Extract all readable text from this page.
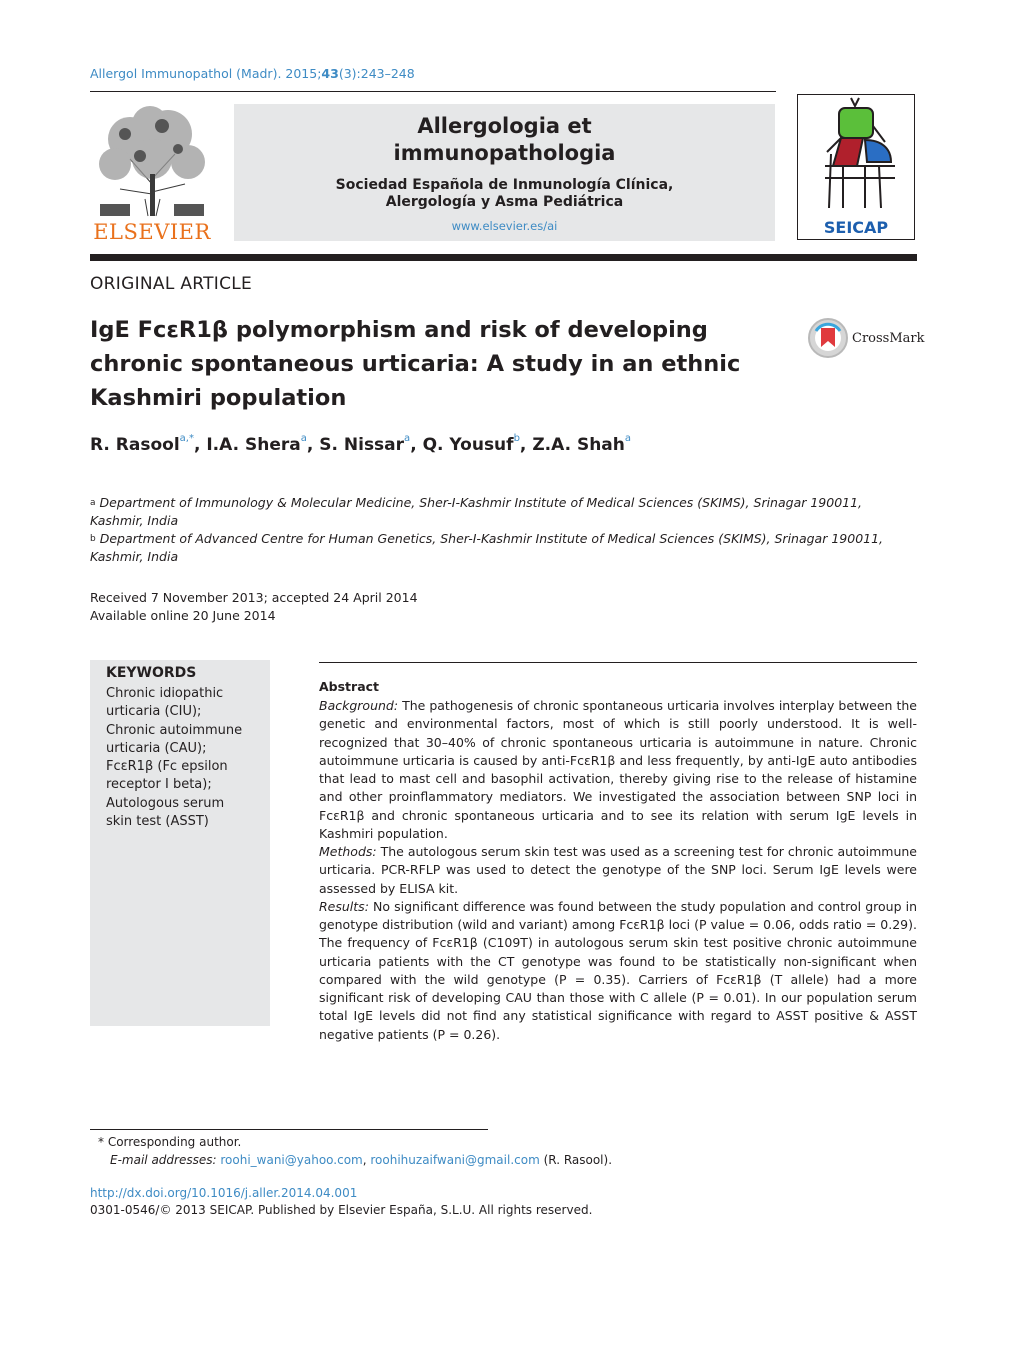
Allergol Immunopathol (Madr). 2015;43(3):243–248
ELSEVIER
Allergologia et
immunopathologia
Sociedad Española de Inmunología Clínica,
Alergología y Asma Pediátrica
www.elsevier.es/ai	SEICAP
ORIGINAL ARTICLE
IgE FcεR1β polymorphism and risk of developing
chronic spontaneous urticaria: A study in an ethnic
Kashmiri population
CrossMark
R. Rasool$^{a,*}$, I.A. Shera$^a$, S. Nissar$^a$, Q. Yousuf$^b$, Z.A. Shah$^a$
$^a$ Department of Immunology & Molecular Medicine, Sher-I-Kashmir Institute of Medical Sciences (SKIMS), Srinagar 190011,
Kashmir, India
$^b$ Department of Advanced Centre for Human Genetics, Sher-I-Kashmir Institute of Medical Sciences (SKIMS), Srinagar 190011,
Kashmir, India
Received 7 November 2013; accepted 24 April 2014
Available online 20 June 2014
KEYWORDS
Chronic idiopathic
urticaria (CIU);
Chronic autoimmune
urticaria (CAU);
FcεR1β (Fc epsilon
receptor I beta);
Autologous serum
skin test (ASST)
Abstract

Background: The pathogenesis of chronic spontaneous urticaria involves interplay between the genetic and environmental factors, most of which is still poorly understood. It is well-recognized that 30–40% of chronic spontaneous urticaria is autoimmune in nature. Chronic autoimmune urticaria is caused by anti-FcεR1β and less frequently, by anti-IgE auto antibodies that lead to mast cell and basophil activation, thereby giving rise to the release of histamine and other proinflammatory mediators. We investigated the association between SNP loci in FcεR1β and chronic spontaneous urticaria and to see its relation with serum IgE levels in Kashmiri population.

Methods: The autologous serum skin test was used as a screening test for chronic autoimmune urticaria. PCR-RFLP was used to detect the genotype of the SNP loci. Serum IgE levels were assessed by ELISA kit.

Results: No significant difference was found between the study population and control group in genotype distribution (wild and variant) among FcεR1β loci (P value = 0.06, odds ratio = 0.29). The frequency of FcεR1β (C109T) in autologous serum skin test positive chronic autoimmune urticaria patients with the CT genotype was found to be statistically non-significant when compared with the wild genotype (P = 0.35). Carriers of FcεR1β (T allele) had a more significant risk of developing CAU than those with C allele (P = 0.01). In our population serum total IgE levels did not find any statistical significance with regard to ASST positive & ASST negative patients (P = 0.26).

* Corresponding author.
E-mail addresses: roohi_wani@yahoo.com, roohihuzaifwani@gmail.com (R. Rasool).
http://dx.doi.org/10.1016/j.aller.2014.04.001
0301-0546/© 2013 SEICAP. Published by Elsevier España, S.L.U. All rights reserved.
